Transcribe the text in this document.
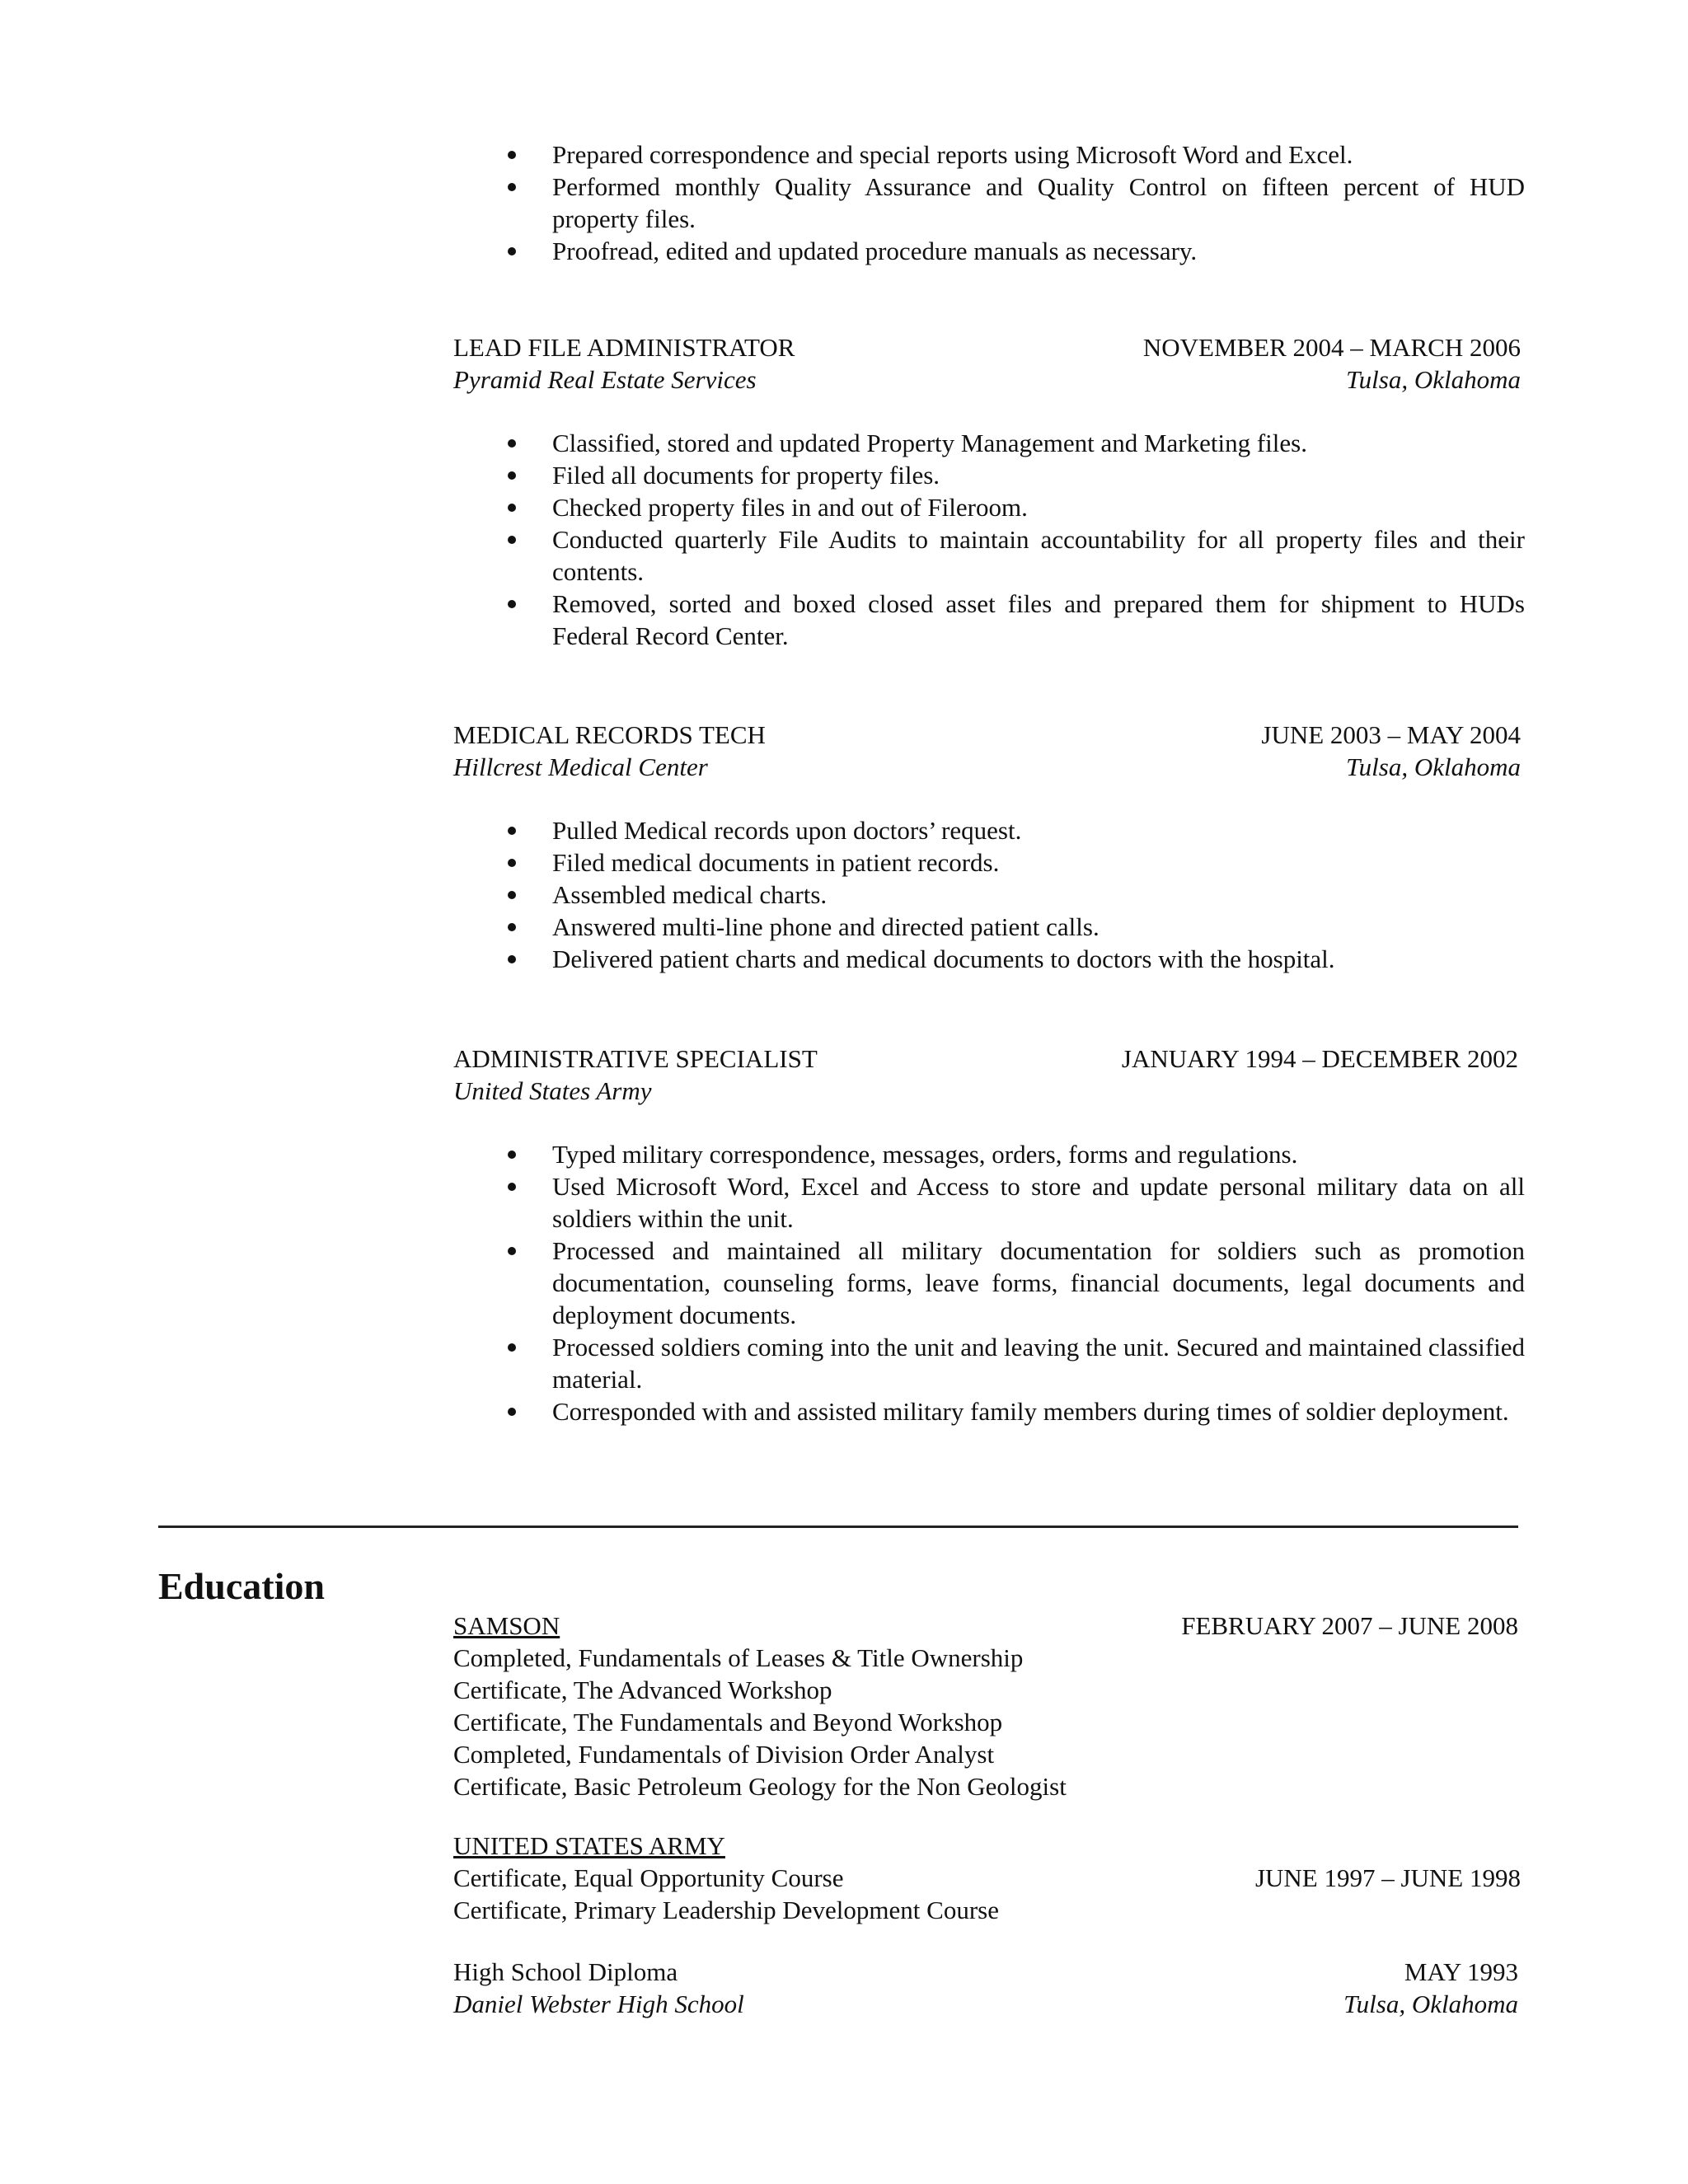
Prepared correspondence and special reports using Microsoft Word and Excel.
Performed monthly Quality Assurance and Quality Control on fifteen percent of HUD property files.
Proofread, edited and updated procedure manuals as necessary.
LEAD FILE ADMINISTRATOR	NOVEMBER 2004 – MARCH 2006
Pyramid Real Estate Services	Tulsa, Oklahoma
Classified, stored and updated Property Management and Marketing files.
Filed all documents for property files.
Checked property files in and out of Fileroom.
Conducted quarterly File Audits to maintain accountability for all property files and their contents.
Removed, sorted and boxed closed asset files and prepared them for shipment to HUDs Federal Record Center.
MEDICAL RECORDS TECH	JUNE 2003 – MAY 2004
Hillcrest Medical Center	Tulsa, Oklahoma
Pulled Medical records upon doctors’ request.
Filed medical documents in patient records.
Assembled medical charts.
Answered multi-line phone and directed patient calls.
Delivered patient charts and medical documents to doctors with the hospital.
ADMINISTRATIVE SPECIALIST	JANUARY 1994 – DECEMBER 2002
United States Army
Typed military correspondence, messages, orders, forms and regulations.
Used Microsoft Word, Excel and Access to store and update personal military data on all soldiers within the unit.
Processed and maintained all military documentation for soldiers such as promotion documentation, counseling forms, leave forms, financial documents, legal documents and deployment documents.
Processed soldiers coming into the unit and leaving the unit. Secured and maintained classified material.
Corresponded with and assisted military family members during times of soldier deployment.
Education
SAMSON	FEBRUARY 2007 – JUNE 2008
Completed, Fundamentals of Leases & Title Ownership
Certificate, The Advanced Workshop
Certificate, The Fundamentals and Beyond Workshop
Completed, Fundamentals of Division Order Analyst
Certificate, Basic Petroleum Geology for the Non Geologist
UNITED STATES ARMY
Certificate, Equal Opportunity Course	JUNE 1997 – JUNE 1998
Certificate, Primary Leadership Development Course
High School Diploma	MAY 1993
Daniel Webster High School	Tulsa, Oklahoma
